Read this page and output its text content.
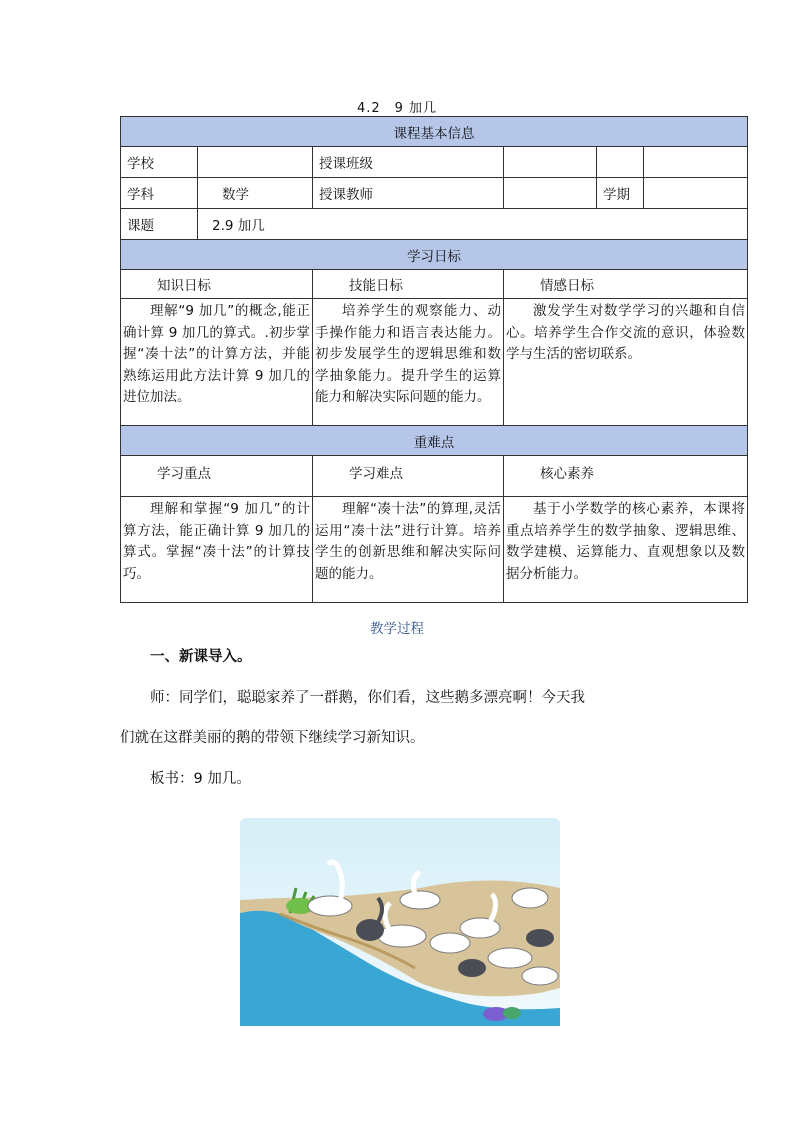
4.2　9 加几
课程基本信息					
学校		授课班级			
学科	数学	授课教师		学期	
课题	2.9 加几				
学习日标					
知识日标		技能日标	情感日标		
理解“9 加几”的概念,能正确计算 9 加几的算式。.初步掌握“凑十法”的计算方法，并能熟练运用此方法计算 9 加几的进位加法。		培养学生的观察能力、动手操作能力和语言表达能力。初步发展学生的逻辑思维和数学抽象能力。提升学生的运算能力和解决实际问题的能力。	激发学生对数学学习的兴趣和自信心。培养学生合作交流的意识，体验数学与生活的密切联系。		
重难点					
学习重点		学习难点	核心素养		
理解和掌握“9 加几”的计算方法，能正确计算 9 加几的算式。掌握“凑十法”的计算技巧。		理解“凑十法”的算理,灵活运用“凑十法”进行计算。培养学生的创新思维和解决实际问题的能力。	基于小学数学的核心素养，本课将重点培养学生的数学抽象、逻辑思维、数学建模、运算能力、直观想象以及数据分析能力。		
教学过程
一、新课导入。
师：同学们，聪聪家养了一群鹅，你们看，这些鹅多漂亮啊！今天我
们就在这群美丽的鹅的带领下继续学习新知识。
板书：9 加几。
